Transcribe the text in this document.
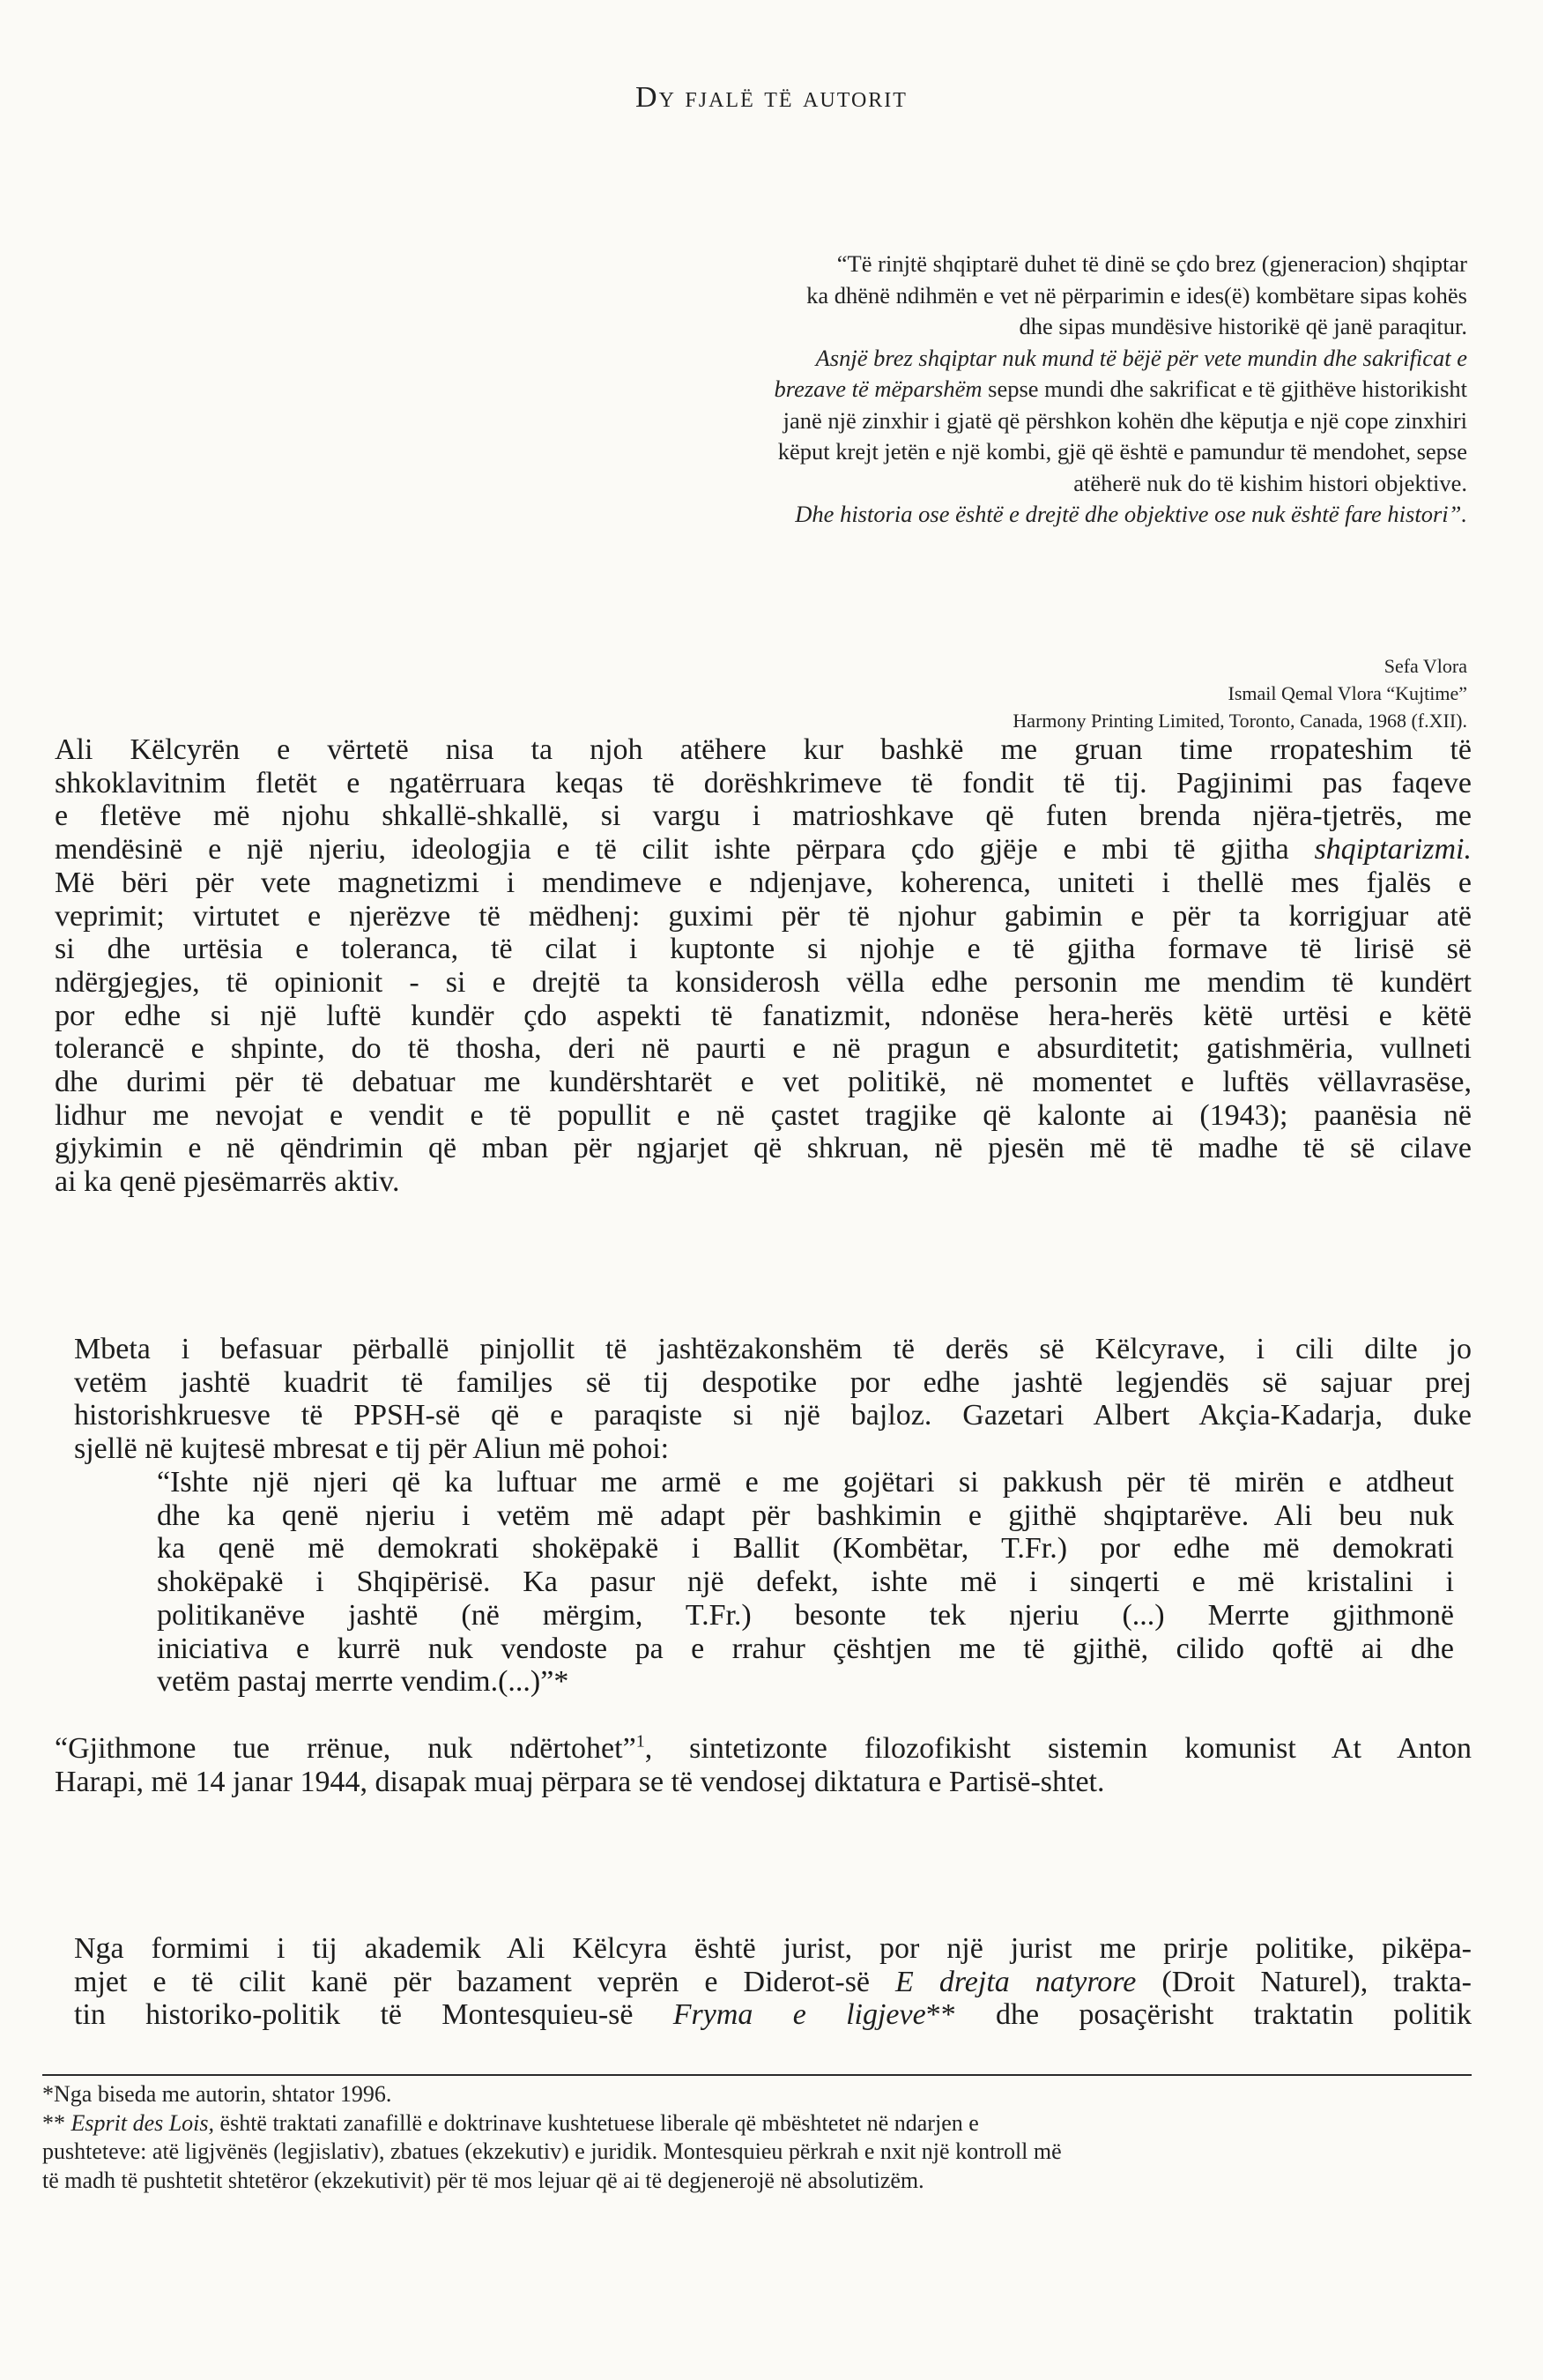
Dy fjalë të autorit
“Të rinjtë shqiptarë duhet të dinë se çdo brez (gjeneracion) shqiptar
ka dhënë ndihmën e vet në përparimin e ides(ë) kombëtare sipas kohës
dhe sipas mundësive historikë që janë paraqitur.
Asnjë brez shqiptar nuk mund të bëjë për vete mundin dhe sakrificat e
brezave të mëparshëm sepse mundi dhe sakrificat e të gjithëve historikisht
janë një zinxhir i gjatë që përshkon kohën dhe këputja e një cope zinxhiri
këput krejt jetën e një kombi, gjë që është e pamundur të mendohet, sepse
atëherë nuk do të kishim histori objektive.
Dhe historia ose është e drejtë dhe objektive ose nuk është fare histori”.
Sefa Vlora
Ismail Qemal Vlora “Kujtime”
Harmony Printing Limited, Toronto, Canada, 1968 (f.XII).
Ali Këlcyrën e vërtetë nisa ta njoh atëhere kur bashkë me gruan time rropateshim të
shkoklavitnim fletët e ngatërruara keqas të dorëshkrimeve të fondit të tij. Pagjinimi pas faqeve
e fletëve më njohu shkallë-shkallë, si vargu i matrioshkave që futen brenda njëra-tjetrës, me
mendësinë e një njeriu, ideologjia e të cilit ishte përpara çdo gjëje e mbi të gjitha shqiptarizmi.
Më bëri për vete magnetizmi i mendimeve e ndjenjave, koherenca, uniteti i thellë mes fjalës e
veprimit; virtutet e njerëzve të mëdhenj: guximi për të njohur gabimin e për ta korrigjuar atë
si dhe urtësia e toleranca, të cilat i kuptonte si njohje e të gjitha formave të lirisë së
ndërgjegjes, të opinionit - si e drejtë ta konsiderosh vëlla edhe personin me mendim të kundërt
por edhe si një luftë kundër çdo aspekti të fanatizmit, ndonëse hera-herës këtë urtësi e këtë
tolerancë e shpinte, do të thosha, deri në paurti e në pragun e absurditetit; gatishmëria, vullneti
dhe durimi për të debatuar me kundërshtarët e vet politikë, në momentet e luftës vëllavrasëse,
lidhur me nevojat e vendit e të popullit e në çastet tragjike që kalonte ai (1943); paanësia në
gjykimin e në qëndrimin që mban për ngjarjet që shkruan, në pjesën më të madhe të së cilave
ai ka qenë pjesëmarrës aktiv.
Mbeta i befasuar përballë pinjollit të jashtëzakonshëm të derës së Këlcyrave, i cili dilte jo
vetëm jashtë kuadrit të familjes së tij despotike por edhe jashtë legjendës së sajuar prej
historishkruesve të PPSH-së që e paraqiste si një bajloz. Gazetari Albert Akçia-Kadarja, duke
sjellë në kujtesë mbresat e tij për Aliun më pohoi:
“Ishte një njeri që ka luftuar me armë e me gojëtari si pakkush për të mirën e atdheut
dhe ka qenë njeriu i vetëm më adapt për bashkimin e gjithë shqiptarëve. Ali beu nuk
ka qenë më demokrati shokëpakë i Ballit (Kombëtar, T.Fr.) por edhe më demokrati
shokëpakë i Shqipërisë. Ka pasur një defekt, ishte më i sinqerti e më kristalini i
politikanëve jashtë (në mërgim, T.Fr.) besonte tek njeriu (...) Merrte gjithmonë
iniciativa e kurrë nuk vendoste pa e rrahur çështjen me të gjithë, cilido qoftë ai dhe
vetëm pastaj merrte vendim.(...)”*
“Gjithmone tue rrënue, nuk ndërtohet”$^1$, sintetizonte filozofikisht sistemin komunist At Anton
Harapi, më 14 janar 1944, disapak muaj përpara se të vendosej diktatura e Partisë-shtet.
Nga formimi i tij akademik Ali Këlcyra është jurist, por një jurist me prirje politike, pikëpa-
mjet e të cilit kanë për bazament veprën e Diderot-së E drejta natyrore (Droit Naturel), trakta-
tin historiko-politik të Montesquieu-së Fryma e ligjeve** dhe posaçërisht traktatin politik
*Nga biseda me autorin, shtator 1996.
** Esprit des Lois, është traktati zanafillë e doktrinave kushtetuese liberale që mbështetet në ndarjen e
pushteteve: atë ligjvënës (legjislativ), zbatues (ekzekutiv) e juridik. Montesquieu përkrah e nxit një kontroll më
të madh të pushtetit shtetëror (ekzekutivit) për të mos lejuar që ai të degjenerojë në absolutizëm.
